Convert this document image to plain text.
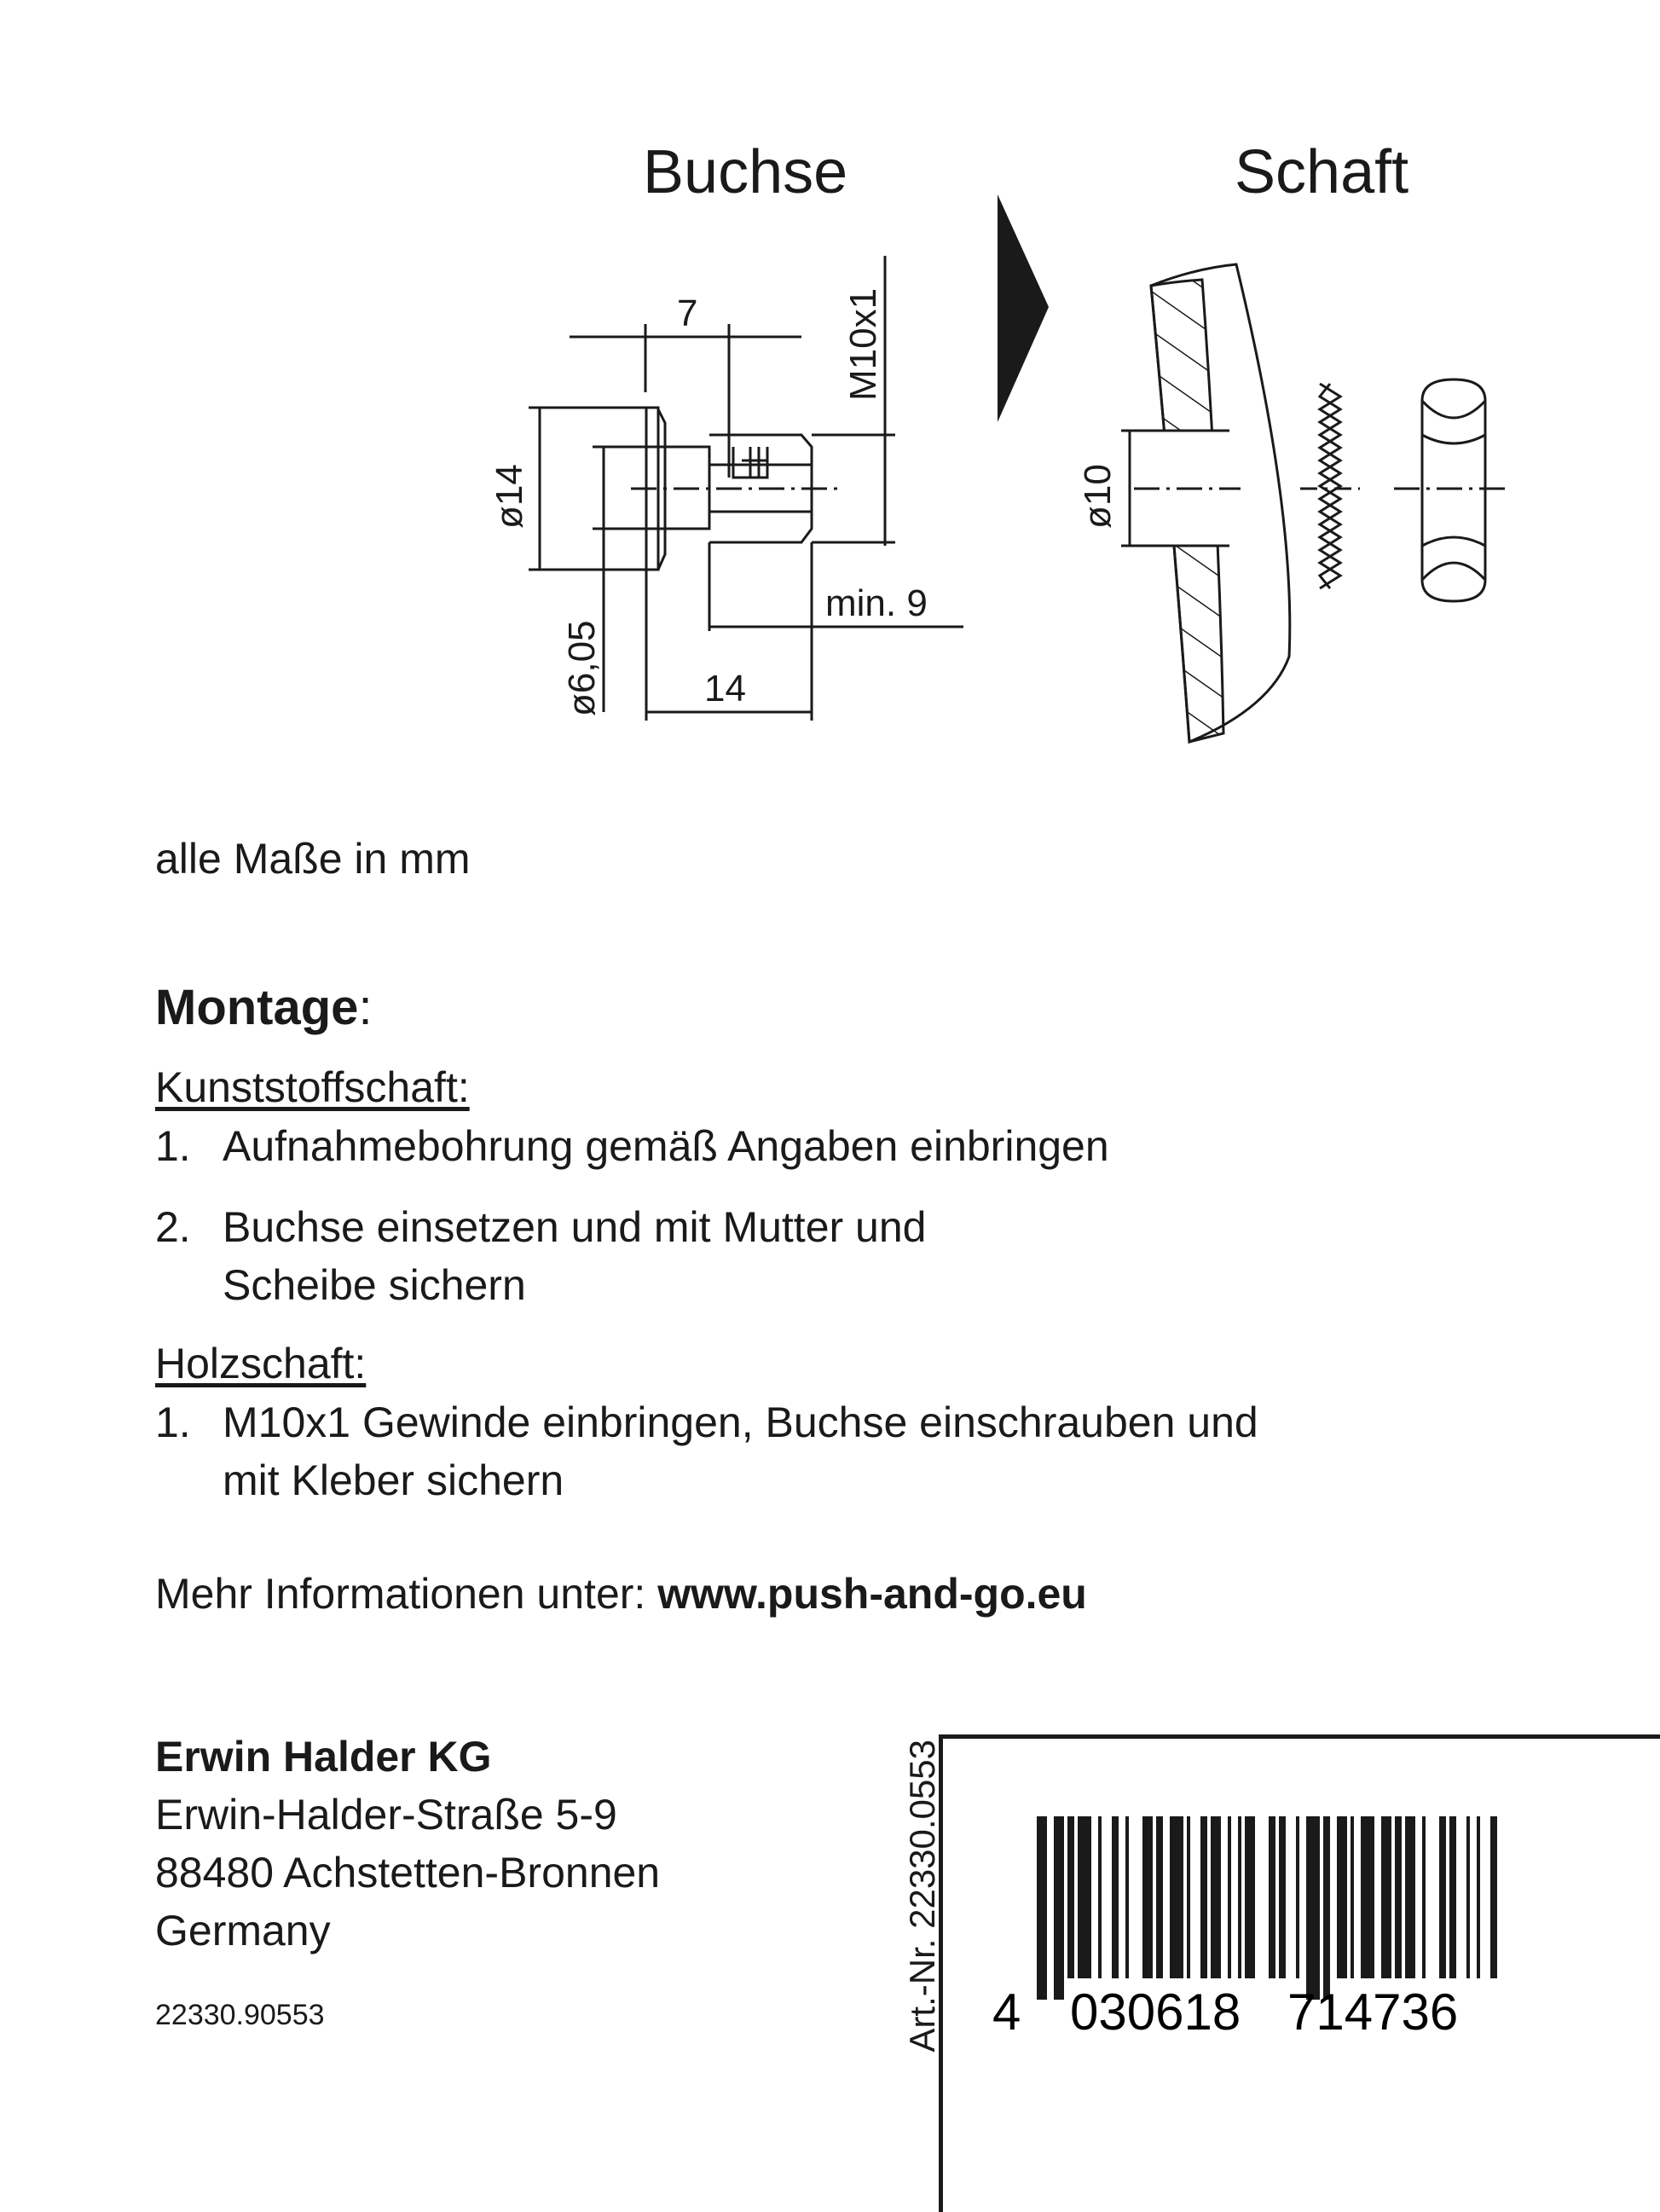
Buchse	Schaft
7	M10x1
ø14
ø6,05
min. 9
14
ø10
alle Maße in mm
Montage:
Kunststoffschaft:
1. Aufnahmebohrung gemäß Angaben einbringen
2. Buchse einsetzen und mit Mutter und
Scheibe sichern
Holzschaft:
1. M10x1 Gewinde einbringen, Buchse einschrauben und
mit Kleber sichern
Mehr Informationen unter: www.push-and-go.eu
Erwin Halder KG
Erwin-Halder-Straße 5-9
88480 Achstetten-Bronnen
Germany
22330.90553	Art.-Nr. 22330.0553 4 030618 714736
